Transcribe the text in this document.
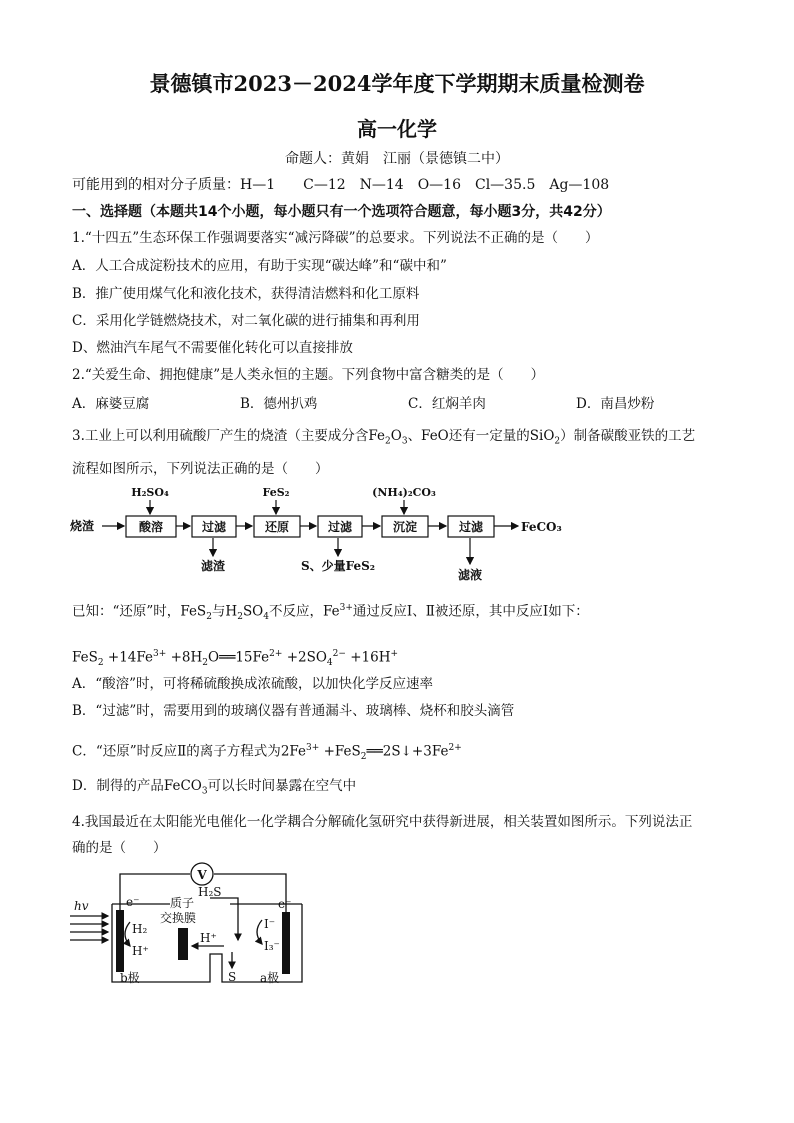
景德镇市2023－2024学年度下学期期末质量检测卷
高一化学
命题人：黄娟　江丽（景德镇二中）
可能用到的相对分子质量：H—1　　C—12　N—14　O—16　Cl—35.5　Ag—108
一、选择题（本题共14个小题，每小题只有一个选项符合题意，每小题3分，共42分）
1.“十四五”生态环保工作强调要落实“减污降碳”的总要求。下列说法不正确的是（　　）
A．人工合成淀粉技术的应用，有助于实现“碳达峰”和“碳中和”
B．推广使用煤气化和液化技术，获得清洁燃料和化工原料
C．采用化学链燃烧技术，对二氧化碳的进行捕集和再利用
D、燃油汽车尾气不需要催化转化可以直接排放
2.“关爱生命、拥抱健康”是人类永恒的主题。下列食物中富含糖类的是（　　）
A．麻婆豆腐	B．德州扒鸡	C．红焖羊肉	D．南昌炒粉
3.工业上可以利用硫酸厂产生的烧渣（主要成分含$Fe_2O_3$、FeO还有一定量的SiO$_2$）制备碳酸亚铁的工艺
流程如图所示，下列说法正确的是（　　）
烧渣	酸溶	过滤	还原	过滤	沉淀	过滤	FeCO₃
H₂SO₄	FeS₂	(NH₄)₂CO₃
滤渣	S、少量FeS₂
滤液
已知：“还原”时，FeS$_2$与$H_2SO_4$不反应，$Fe^{3+}$通过反应Ⅰ、Ⅱ被还原，其中反应Ⅰ如下：
$FeS_2 +14Fe^{3+}$ $+8H_2O══15Fe^{2+} +2SO_4^{2-} +16H^+$
A．“酸溶”时，可将稀硫酸换成浓硫酸，以加快化学反应速率
B．“过滤”时，需要用到的玻璃仪器有普通漏斗、玻璃棒、烧杯和胶头滴管
C．“还原”时反应Ⅱ的离子方程式为$2Fe^{3+}$ $+FeS_2══2S↓+3Fe^{2+}$
D．制得的产品FeCO$_3$可以长时间暴露在空气中
4.我国最近在太阳能光电催化一化学耦合分解硫化氢研究中获得新进展，相关装置如图所示。下列说法正
确的是（　　）
V
hv	质子
交换膜
H₂S
H₂
H⁺
H⁺
S
I⁻
I₃⁻
e⁻	e⁻
b极	a极
